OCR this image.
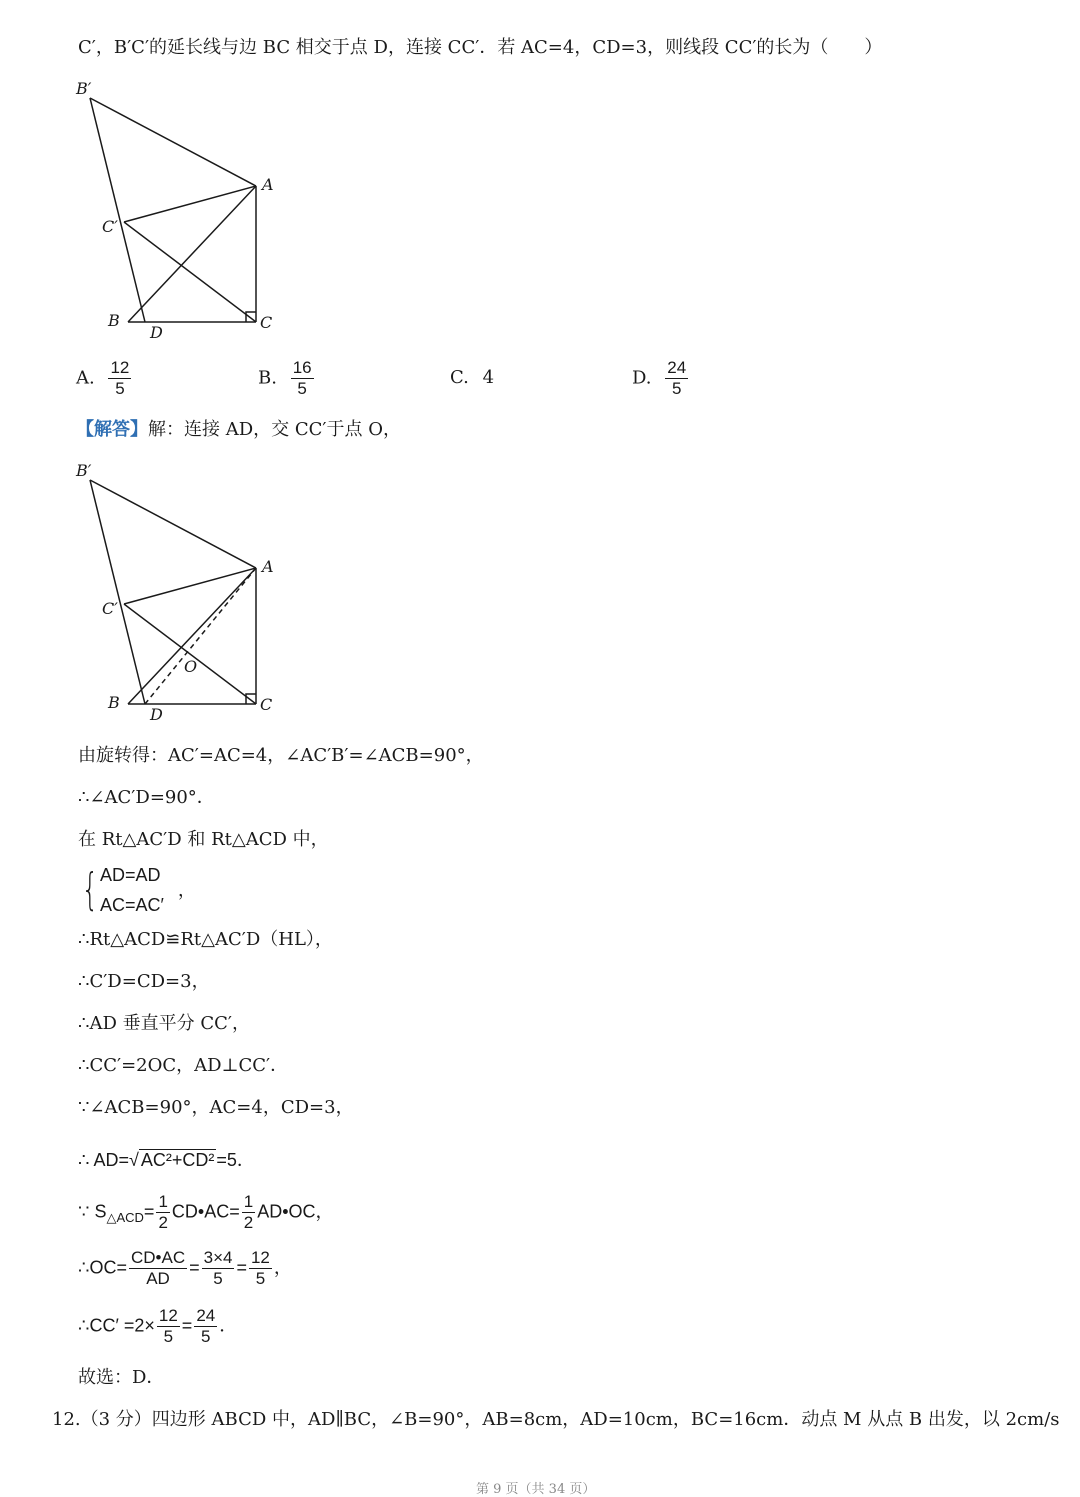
C′，B′C′的延长线与边 BC 相交于点 D，连接 CC′．若 AC=4，CD=3，则线段 CC′的长为（　　）
B′
A
C′
B
D
C
A. $\frac{12}{5}$	B. $\frac{16}{5}$	C. 4	D. $\frac{24}{5}$
【解答】解：连接 AD，交 CC′于点 O，
B′
A
C′
O
B
D
C
由旋转得：AC′=AC=4，∠AC′B′=∠ACB=90°，
∴∠AC′D=90°．
在 Rt△AC′D 和 Rt△ACD 中，
{ AD=AD
AC=AC′
，
∴Rt△ACD≌Rt△AC′D（HL），
∴C′D=CD=3，
∴AD 垂直平分 CC′，
∴CC′=2OC，AD⊥CC′．
∵∠ACB=90°，AC=4，CD=3，
∴ AD=√ AC²+CD² =5．
∵ $S_{\triangle ACD}= \frac{1}{2}$ CD•AC= $\frac{1}{2}$ AD•OC，
∴OC= $\frac{CD•AC}{AD} = \frac{3\times 4}{5} = \frac{12}{5}$ ，
∴CC′ $=2\times \frac{12}{5} = \frac{24}{5}$ ．
故选：D．
12.（3 分）四边形 ABCD 中，AD∥BC，∠B=90°，AB=8cm，AD=10cm，BC=16cm．动点 M 从点 B 出发，以 2cm/s
第 9 页（共 34 页）
